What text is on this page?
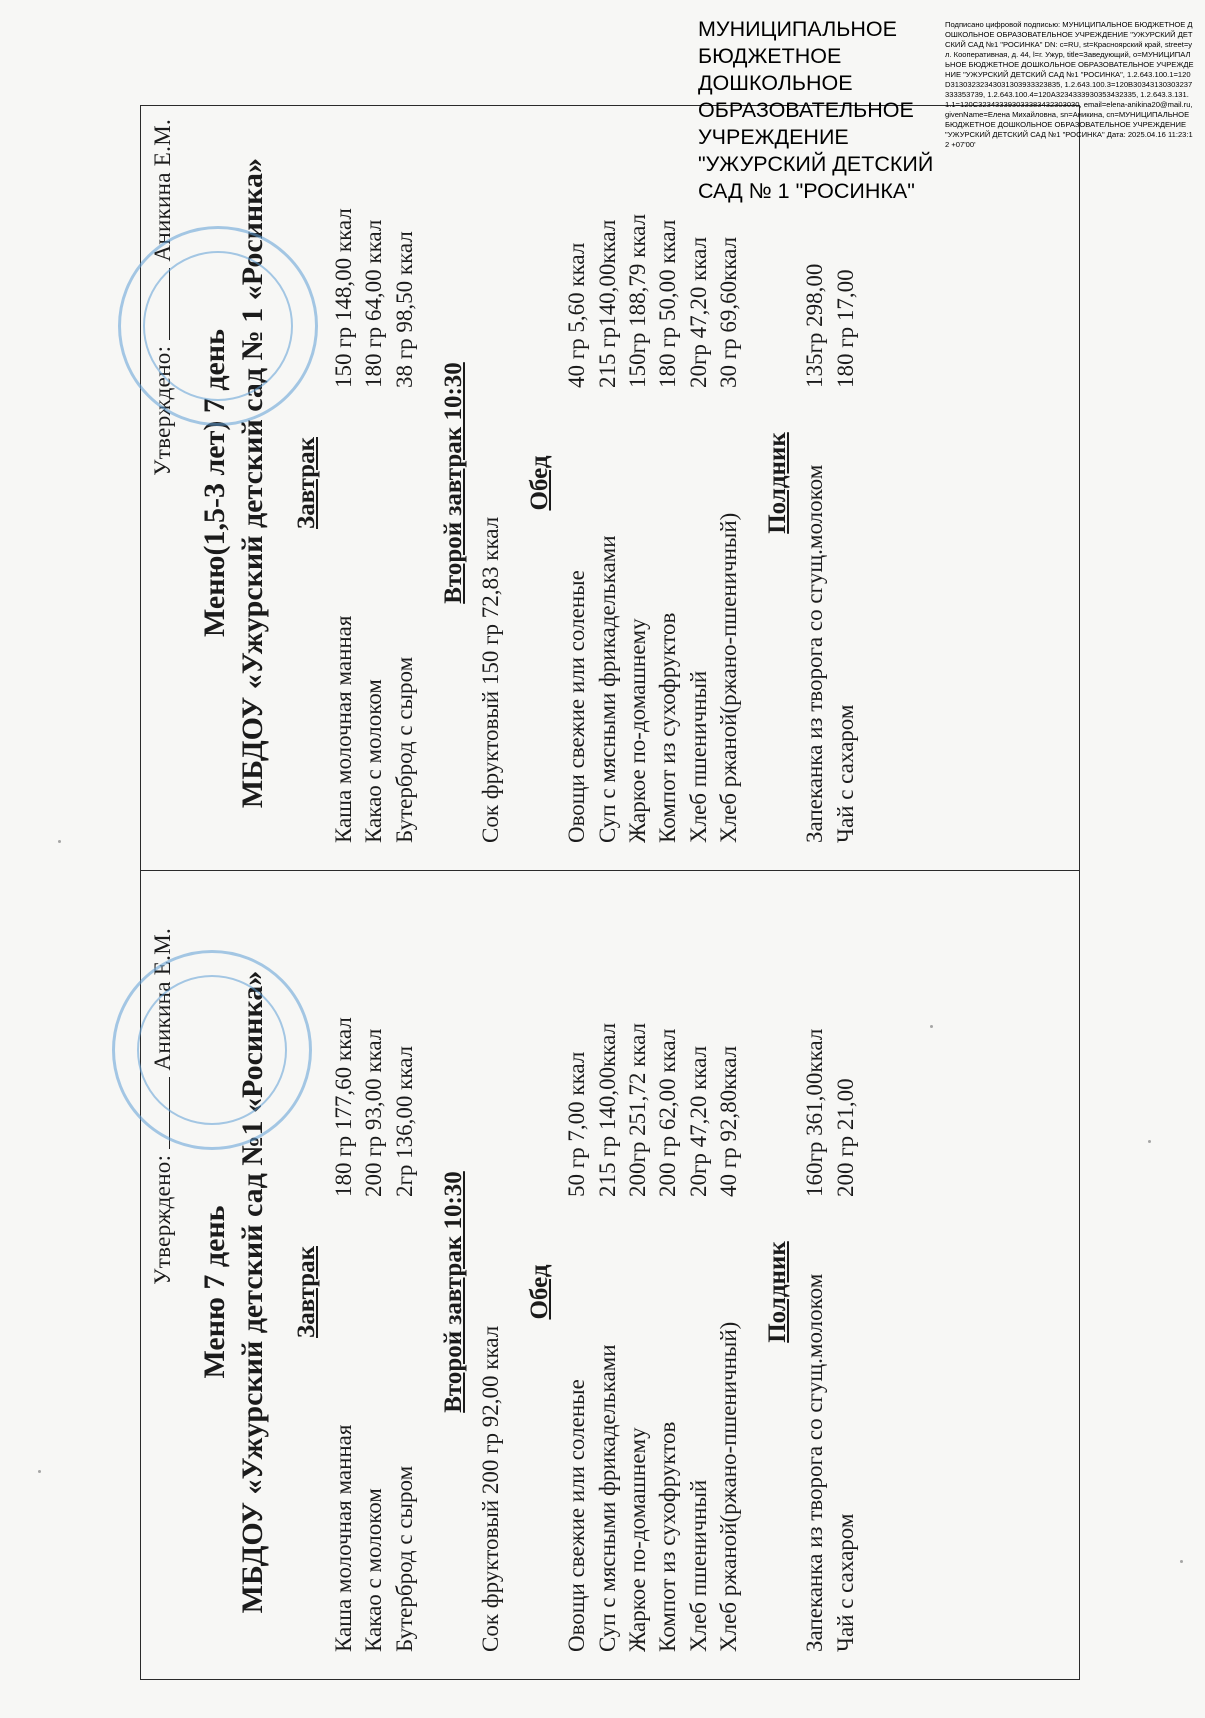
МУНИЦИПАЛЬНОЕ БЮДЖЕТНОЕ ДОШКОЛЬНОЕ ОБРАЗОВАТЕЛЬНОЕ УЧРЕЖДЕНИЕ "УЖУРСКИЙ ДЕТСКИЙ САД № 1 "РОСИНКА"
Подписано цифровой подписью: МУНИЦИПАЛЬНОЕ БЮДЖЕТНОЕ ДОШКОЛЬНОЕ ОБРАЗОВАТЕЛЬНОЕ УЧРЕЖДЕНИЕ "УЖУРСКИЙ ДЕТСКИЙ САД №1 "РОСИНКА" DN: c=RU, st=Красноярский край, street=ул. Кооперативная, д. 44, l=г. Ужур, title=Заведующий, o=МУНИЦИПАЛЬНОЕ БЮДЖЕТНОЕ ДОШКОЛЬНОЕ ОБРАЗОВАТЕЛЬНОЕ УЧРЕЖДЕНИЕ "УЖУРСКИЙ ДЕТСКИЙ САД №1 "РОСИНКА", 1.2.643.100.1=120D31303232343031303933323835, 1.2.643.100.3=120B30343130303237333353739, 1.2.643.100.4=120A3234333930353432335, 1.2.643.3.131.1.1=120C323433393033383432303030, email=elena-anikina20@mail.ru, givenName=Елена Михайловна, sn=Аникина, cn=МУНИЦИПАЛЬНОЕ БЮДЖЕТНОЕ ДОШКОЛЬНОЕ ОБРАЗОВАТЕЛЬНОЕ УЧРЕЖДЕНИЕ "УЖУРСКИЙ ДЕТСКИЙ САД №1 "РОСИНКА" Дата: 2025.04.16 11:23:12 +07'00'
Утверждено:  Аникина Е.М.
Меню 7 день МБДОУ «Ужурский детский сад №1 «Росинка» Завтрак
Каша молочная манная
180 гр 177,60 ккал
Какао с молоком
200 гр 93,00 ккал
Бутерброд с сыром
2гр 136,00 ккал
Второй завтрак 10:30
Сок фруктовый 200 гр 92,00 ккал
Обед
Овощи свежие или соленые
50 гр 7,00 ккал
Суп с мясными фрикадельками
215 гр 140,00ккал
Жаркое по-домашнему
200гр 251,72 ккал
Компот из сухофруктов
200 гр 62,00 ккал
Хлеб пшеничный
20гр 47,20 ккал
Хлеб ржаной(ржано-пшеничный)
40 гр 92,80ккал
Полдник Запеканка из творога со сгущ.молоком
160гр 361,00ккал
Чай с сахаром
200 гр 21,00
Утверждено:  Аникина Е.М.
Меню(1,5-3 лет) 7 день МБДОУ «Ужурский детский сад № 1 «Росинка» Завтрак
Каша молочная манная
150 гр 148,00 ккал
Какао с молоком
180 гр 64,00 ккал
Бутерброд с сыром
38 гр 98,50 ккал
Второй завтрак 10:30
Сок фруктовый 150 гр 72,83 ккал
Обед
Овощи свежие или соленые
40 гр 5,60 ккал
Суп с мясными фрикадельками
215 гр140,00ккал
Жаркое по-домашнему
150гр 188,79 ккал
Компот из сухофруктов
180 гр 50,00 ккал
Хлеб пшеничный
20гр 47,20 ккал
Хлеб ржаной(ржано-пшеничный)
30 гр 69,60ккал
Полдник Запеканка из творога со сгущ.молоком
135гр 298,00
Чай с сахаром
180 гр 17,00
